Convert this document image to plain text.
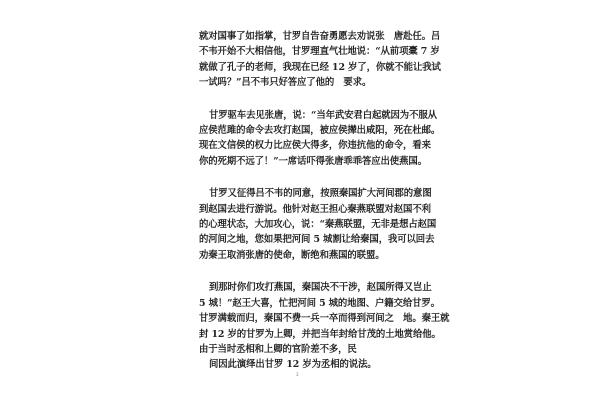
就对国事了如指掌，甘罗自告奋勇愿去劝说张　唐赴任。吕
不韦开始不大相信他，甘罗理直气壮地说：“从前项橐 7 岁
就做了孔子的老师，我现在已经 12 岁了，你就不能让我试
一试吗？”吕不韦只好答应了他的　要求。

甘罗驱车去见张唐，说：“当年武安君白起就因为不服从
应侯范雎的命令去攻打赵国，被应侯撵出咸阳，死在杜邮。
现在文信侯的权力比应侯大得多，你违抗他的命令，看来
你的死期不远了！”一席话吓得张唐乖乖答应出使燕国。

甘罗又征得吕不韦的同意，按照秦国扩大河间郡的意图
到赵国去进行游说。他针对赵王担心秦燕联盟对赵国不利
的心理状态，大加攻心，说：“秦燕联盟，无非是想占赵国
的河间之地，您如果把河间 5 城割让给秦国，我可以回去
劝秦王取消张唐的使命，断绝和燕国的联盟。

到那时你们攻打燕国，秦国决不干涉，赵国所得又岂止
5 城！”赵王大喜，忙把河间 5 城的地图、户籍交给甘罗。
甘罗满载而归，秦国不费一兵一卒而得到河间之　地。秦王就
封 12 岁的甘罗为上卿，并把当年封给甘茂的土地赏给他。
由于当时丞相和上卿的官阶差不多，民
间因此演绎出甘罗 12 岁为丞相的说法。

3
